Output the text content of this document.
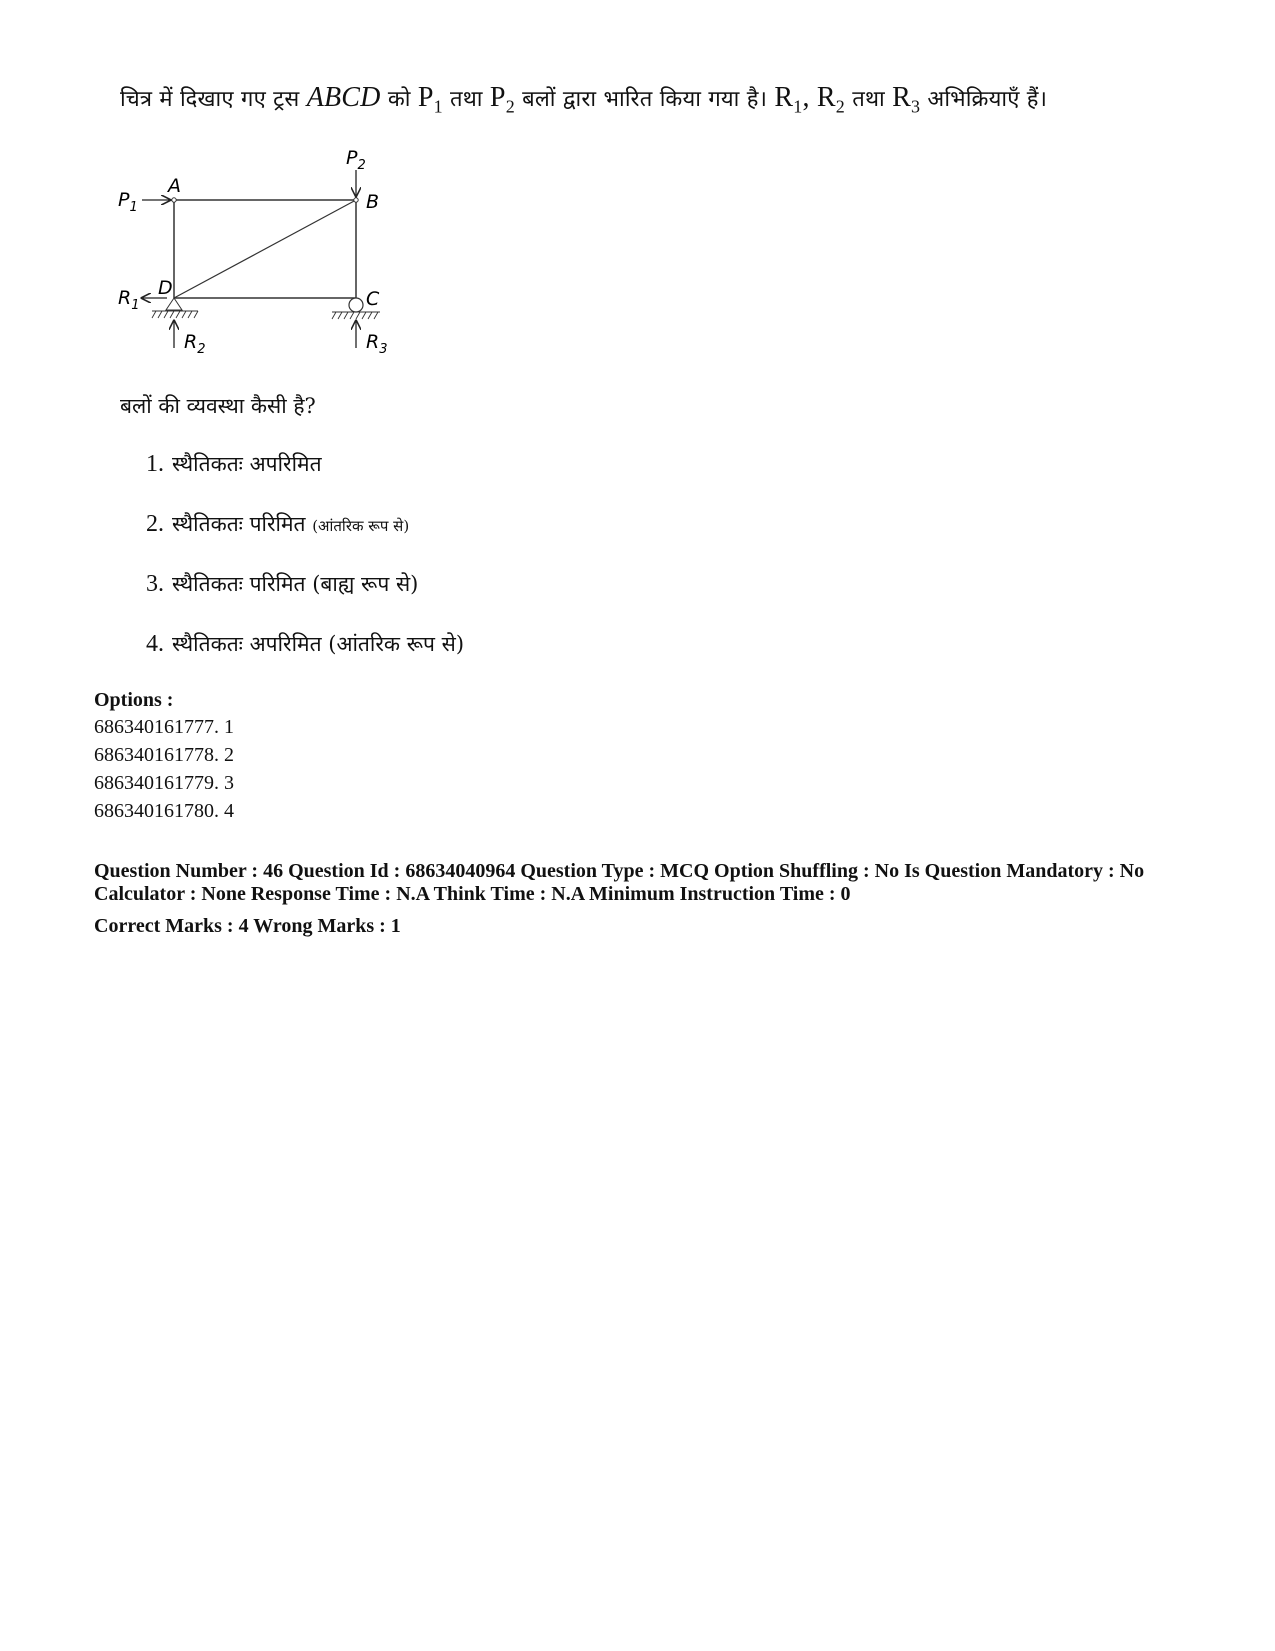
चित्र में दिखाए गए ट्रस ABCD को $P_1$ तथा $P_2$ बलों द्वारा भारित किया गया है। $R_1$, $R_2$ तथा $R_3$ अभिक्रियाएँ हैं।
$P_1$
A
$P_2$
B
C
D
$R_1$
$R_2$	$R_3$
बलों की व्यवस्था कैसी है?
1. स्थैतिकतः अपरिमित
2. स्थैतिकतः परिमित (आंतरिक रूप से)
3. स्थैतिकतः परिमित (बाह्य रूप से)
4. स्थैतिकतः अपरिमित (आंतरिक रूप से)
Options :
686340161777. 1
686340161778. 2
686340161779. 3
686340161780. 4
Question Number : 46 Question Id : 68634040964 Question Type : MCQ Option Shuffling : No Is Question Mandatory : No Calculator : None Response Time : N.A Think Time : N.A Minimum Instruction Time : 0
Correct Marks : 4 Wrong Marks : 1
